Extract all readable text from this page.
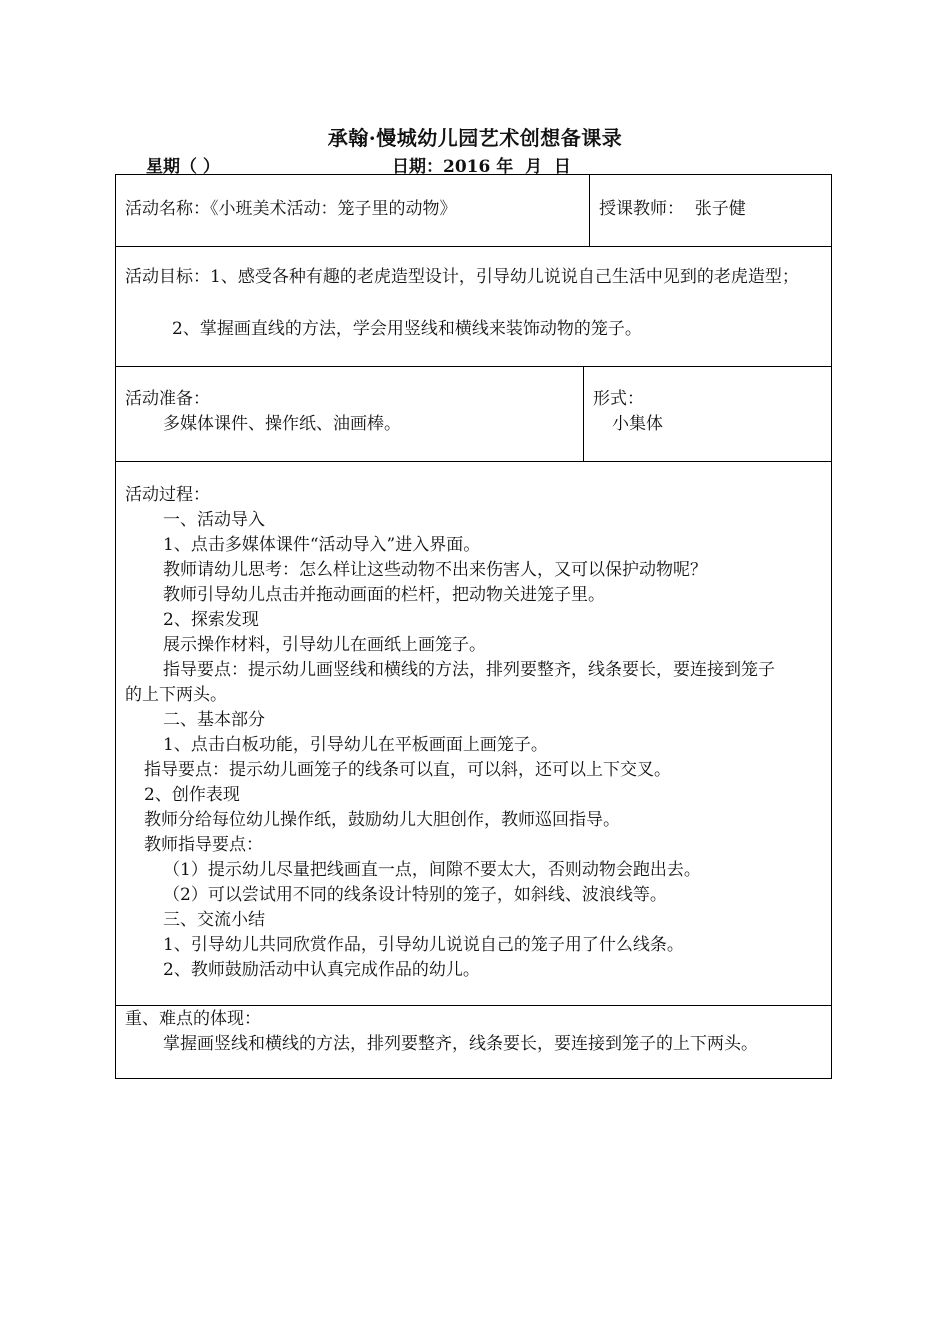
承翰·慢城幼儿园艺术创想备课录
星期（ ）	日期：2016 年  月  日
活动名称：《小班美术活动：笼子里的动物》	授课教师：  张子健
活动目标：1、感受各种有趣的老虎造型设计，引导幼儿说说自己生活中见到的老虎造型；
2、掌握画直线的方法，学会用竖线和横线来装饰动物的笼子。
活动准备：
多媒体课件、操作纸、油画棒。
形式：
小集体
活动过程：
一、活动导入
1、点击多媒体课件“活动导入”进入界面。
教师请幼儿思考：怎么样让这些动物不出来伤害人，又可以保护动物呢？
教师引导幼儿点击并拖动画面的栏杆，把动物关进笼子里。
2、探索发现
展示操作材料，引导幼儿在画纸上画笼子。
指导要点：提示幼儿画竖线和横线的方法，排列要整齐，线条要长，要连接到笼子
的上下两头。
二、基本部分
1、点击白板功能，引导幼儿在平板画面上画笼子。
指导要点：提示幼儿画笼子的线条可以直，可以斜，还可以上下交叉。
2、创作表现
教师分给每位幼儿操作纸，鼓励幼儿大胆创作，教师巡回指导。
教师指导要点：
（1）提示幼儿尽量把线画直一点，间隙不要太大，否则动物会跑出去。
（2）可以尝试用不同的线条设计特别的笼子，如斜线、波浪线等。
三、交流小结
1、引导幼儿共同欣赏作品，引导幼儿说说自己的笼子用了什么线条。
2、教师鼓励活动中认真完成作品的幼儿。
重、难点的体现：
掌握画竖线和横线的方法，排列要整齐，线条要长，要连接到笼子的上下两头。
